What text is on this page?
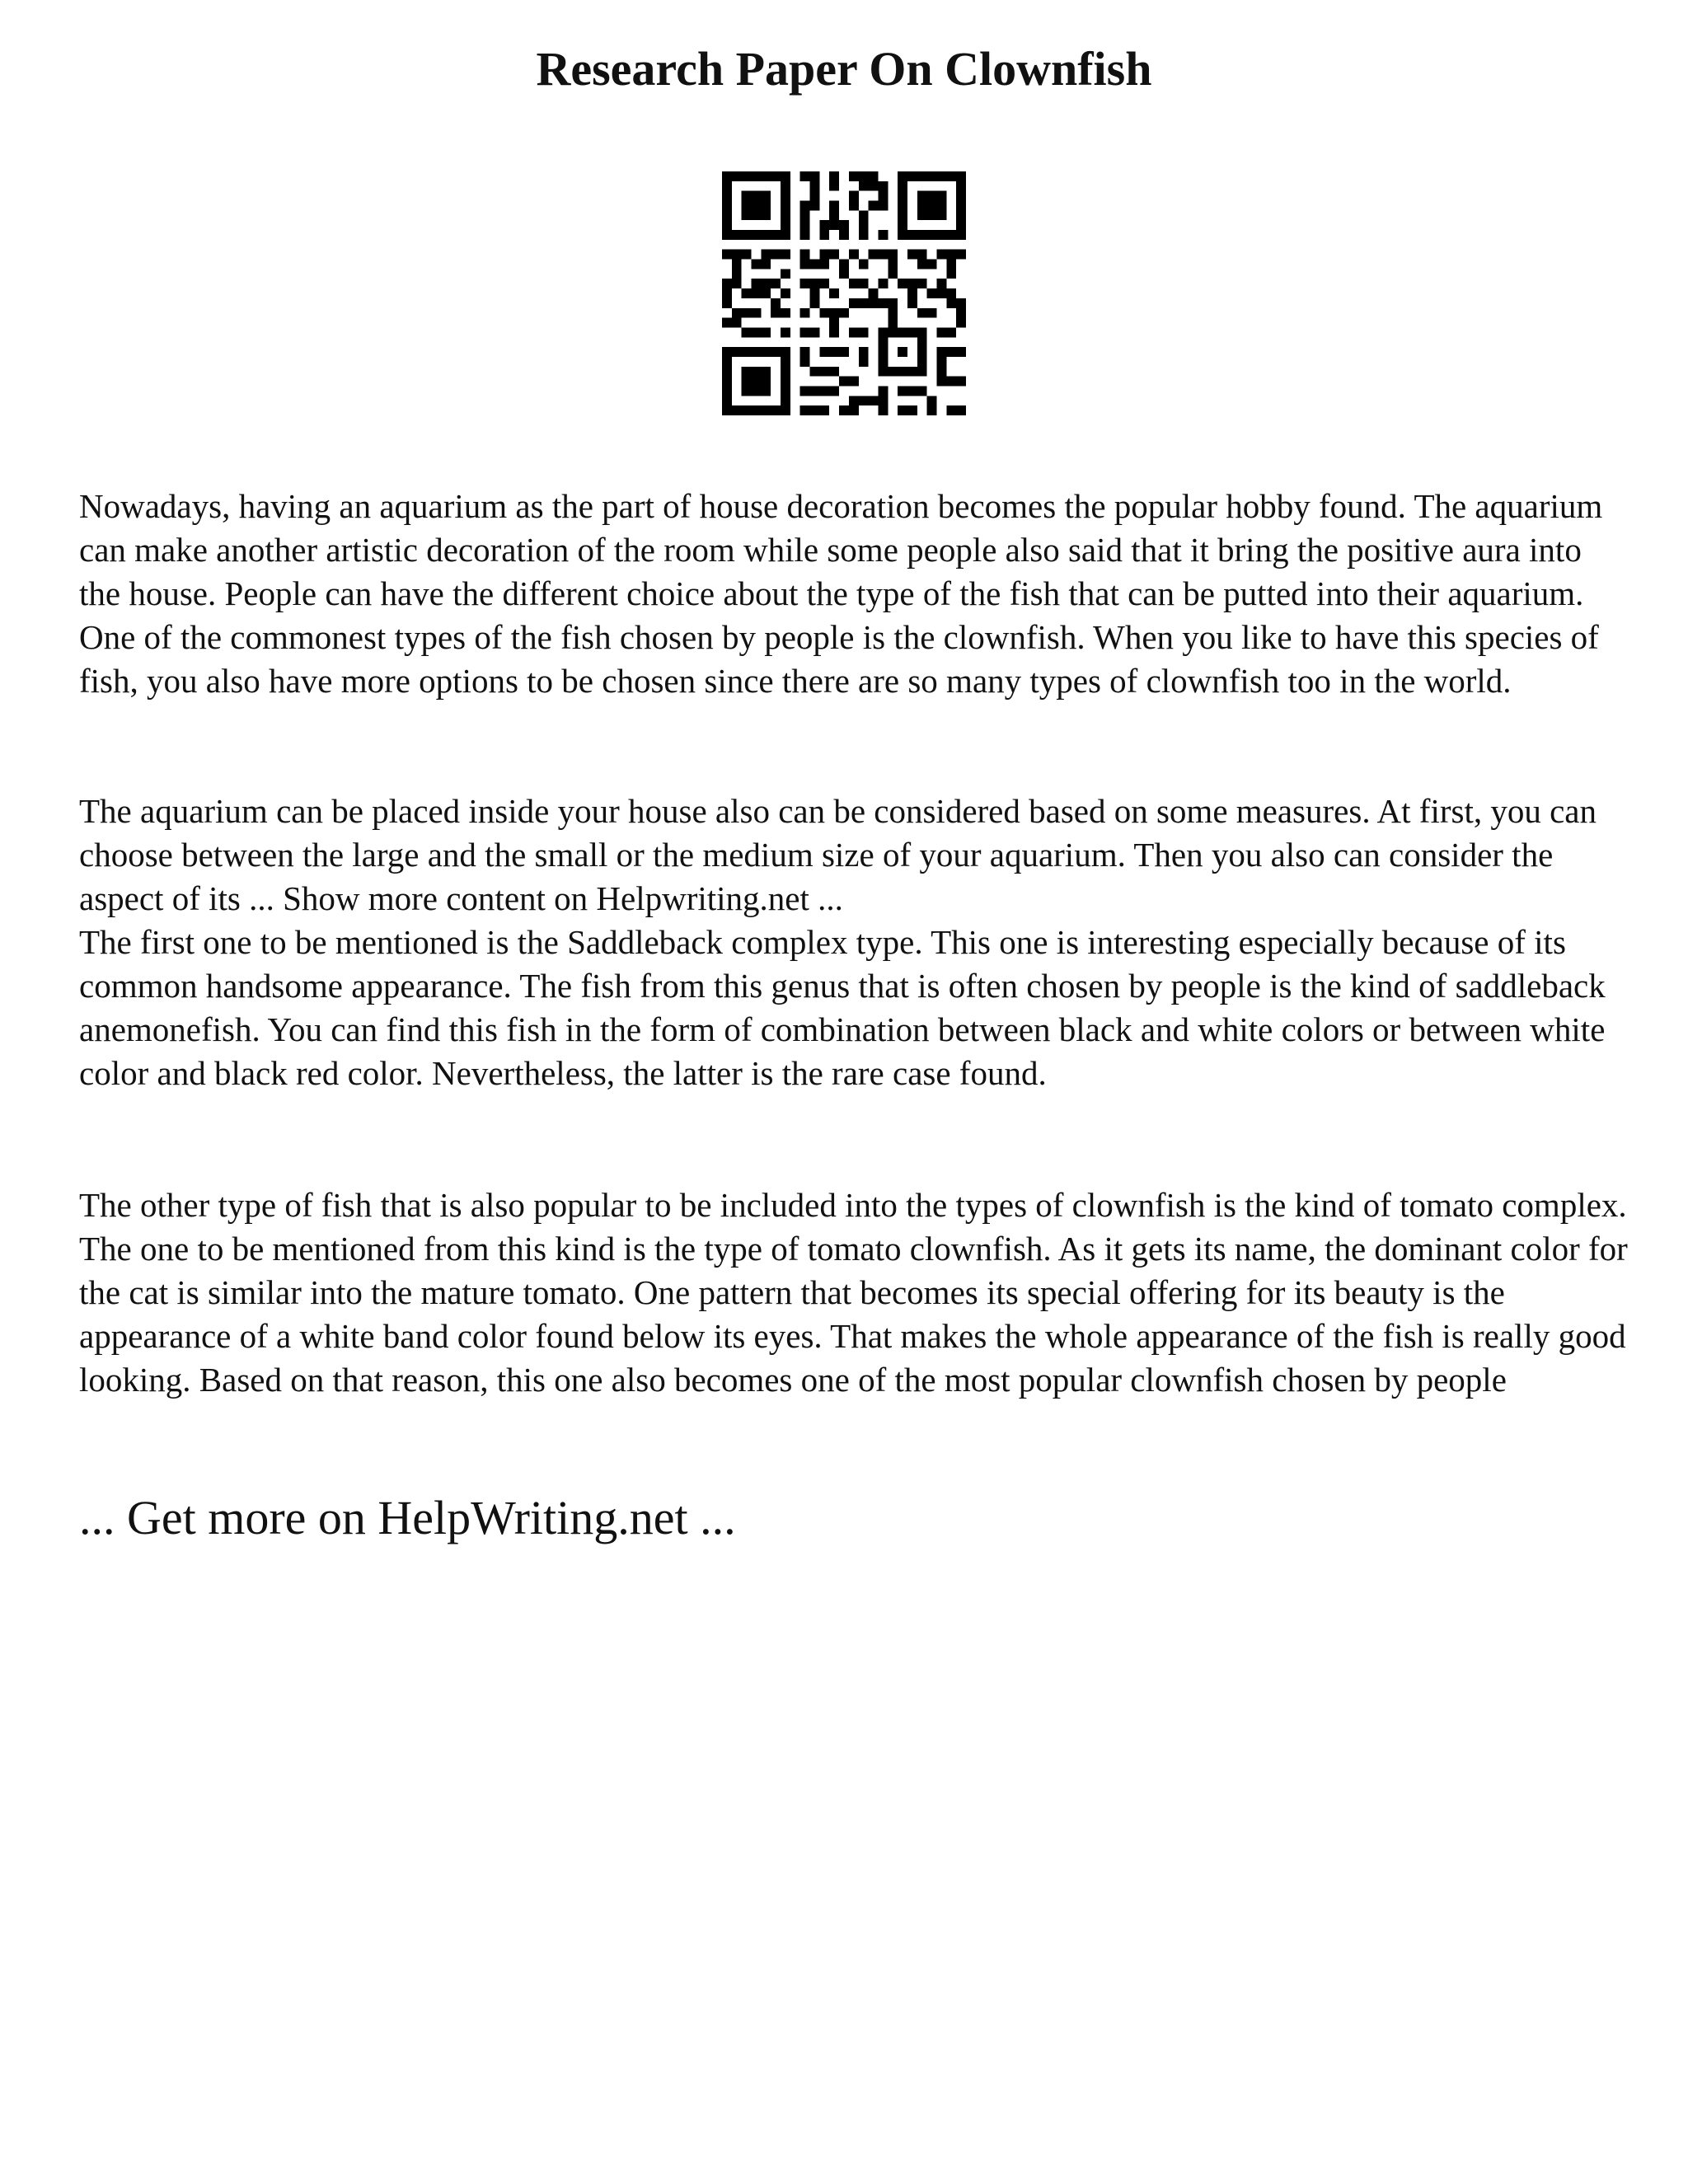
Research Paper On Clownfish

Nowadays, having an aquarium as the part of house decoration becomes the popular hobby found. The aquarium can make another artistic decoration of the room while some people also said that it bring the positive aura into the house. People can have the different choice about the type of the fish that can be putted into their aquarium. One of the commonest types of the fish chosen by people is the clownfish. When you like to have this species of fish, you also have more options to be chosen since there are so many types of clownfish too in the world.

The aquarium can be placed inside your house also can be considered based on some measures. At first, you can choose between the large and the small or the medium size of your aquarium. Then you also can consider the aspect of its ... Show more content on Helpwriting.net ...

The first one to be mentioned is the Saddleback complex type. This one is interesting especially because of its common handsome appearance. The fish from this genus that is often chosen by people is the kind of saddleback anemonefish. You can find this fish in the form of combination between black and white colors or between white color and black red color. Nevertheless, the latter is the rare case found.

The other type of fish that is also popular to be included into the types of clownfish is the kind of tomato complex. The one to be mentioned from this kind is the type of tomato clownfish. As it gets its name, the dominant color for the cat is similar into the mature tomato. One pattern that becomes its special offering for its beauty is the appearance of a white band color found below its eyes. That makes the whole appearance of the fish is really good looking. Based on that reason, this one also becomes one of the most popular clownfish chosen by people

... Get more on HelpWriting.net ...
